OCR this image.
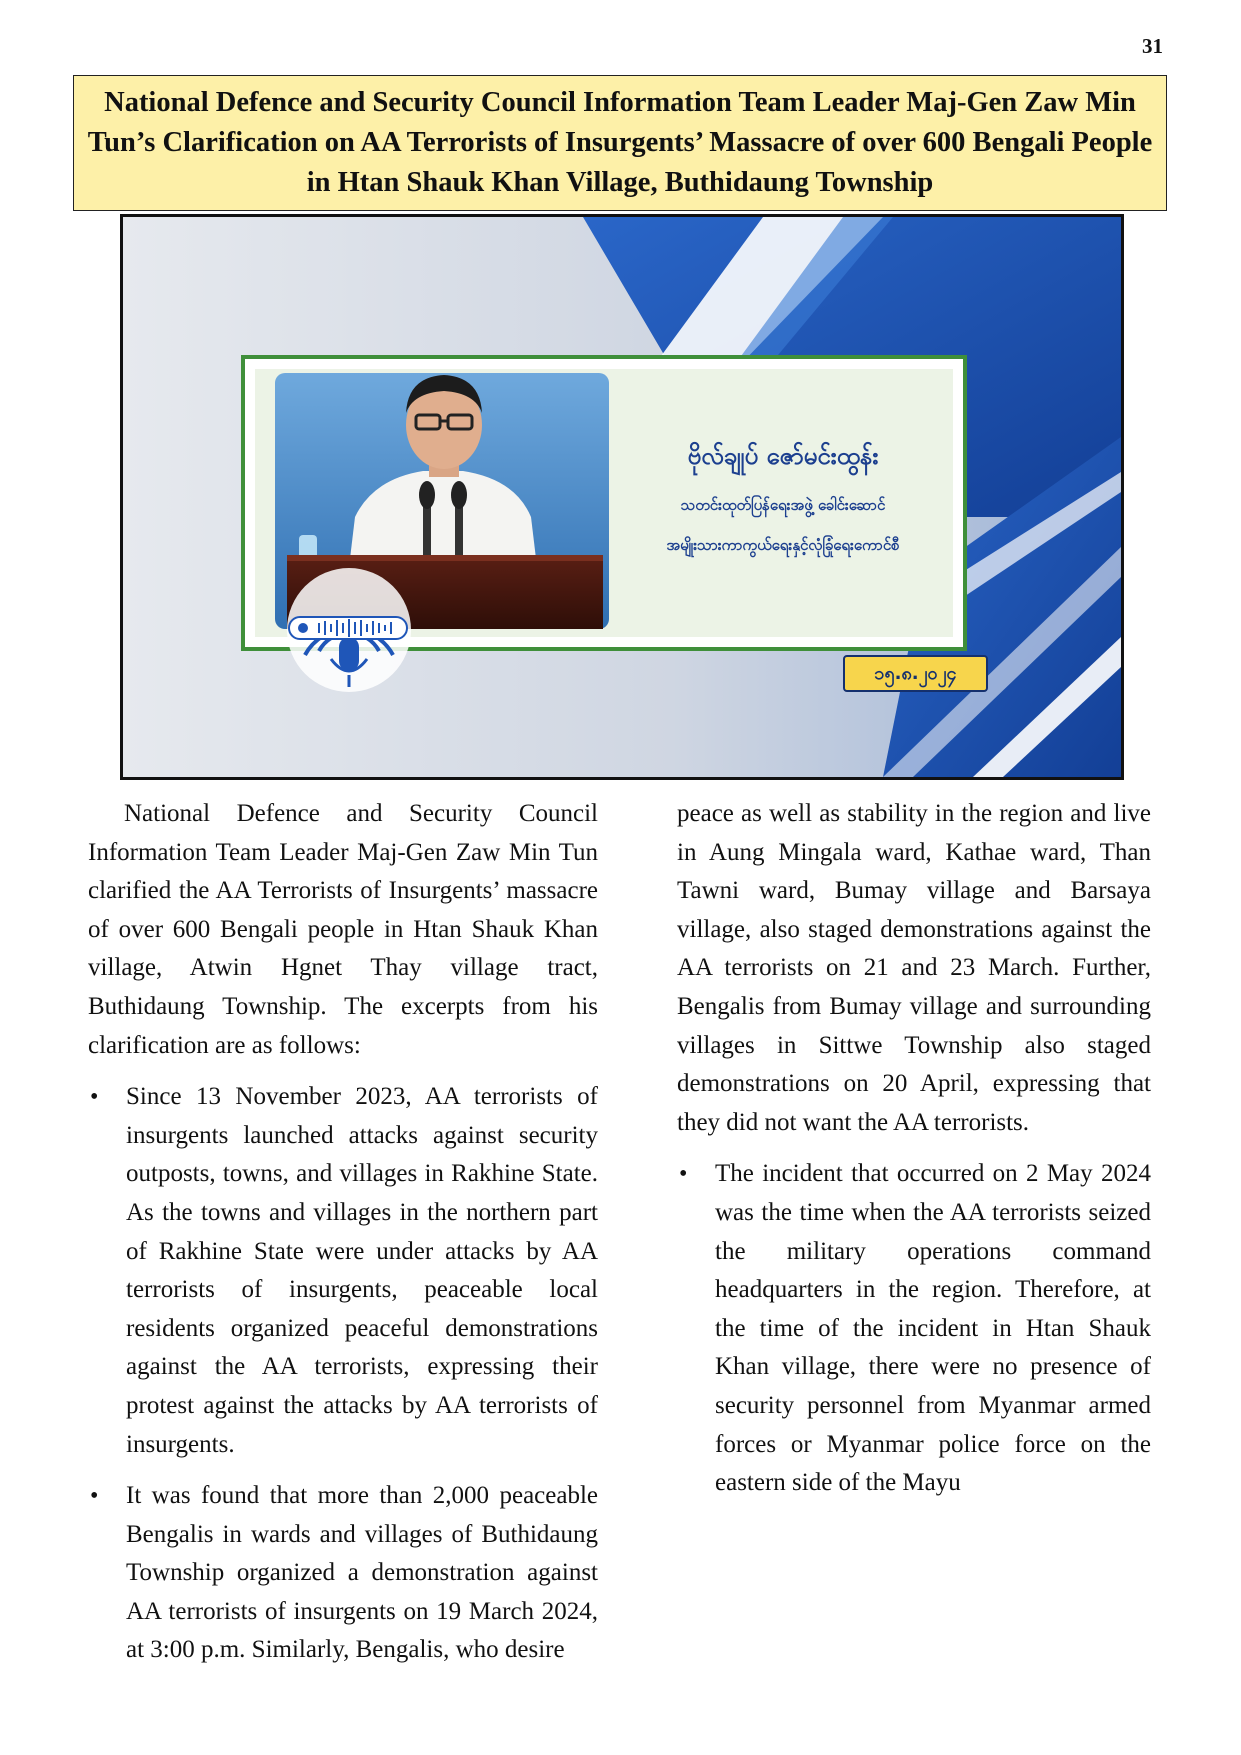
31
National Defence and Security Council Information Team Leader Maj-Gen Zaw Min Tun’s Clarification on AA Terrorists of Insurgents’ Massacre of over 600 Bengali People in Htan Shauk Khan Village, Buthidaung Township
ဗိုလ်ချုပ် ဇော်မင်းထွန်း
သတင်းထုတ်ပြန်ရေးအဖွဲ့ ခေါင်းဆောင်
အမျိုးသားကာကွယ်ရေးနှင့်လုံခြုံရေးကောင်စီ
၁၅.၈.၂၀၂၄

National Defence and Security Council Information Team Leader Maj-Gen Zaw Min Tun clarified the AA Terrorists of Insurgents’ massacre of over 600 Bengali people in Htan Shauk Khan village, Atwin Hgnet Thay village tract, Buthidaung Township. The excerpts from his clarification are as follows:

• Since 13 November 2023, AA terrorists of insurgents launched attacks against security outposts, towns, and villages in Rakhine State. As the towns and villages in the northern part of Rakhine State were under attacks by AA terrorists of insurgents, peaceable local residents organized peaceful demonstrations against the AA terrorists, expressing their protest against the attacks by AA terrorists of insurgents.
• It was found that more than 2,000 peaceable Bengalis in wards and villages of Buthidaung Township organized a demonstration against AA terrorists of insurgents on 19 March 2024, at 3:00 p.m. Similarly, Bengalis, who desire

peace as well as stability in the region and live in Aung Mingala ward, Kathae ward, Than Tawni ward, Bumay village and Barsaya village, also staged demonstrations against the AA terrorists on 21 and 23 March. Further, Bengalis from Bumay village and surrounding villages in Sittwe Township also staged demonstrations on 20 April, expressing that they did not want the AA terrorists.

• The incident that occurred on 2 May 2024 was the time when the AA terrorists seized the military operations command headquarters in the region. Therefore, at the time of the incident in Htan Shauk Khan village, there were no presence of security personnel from Myanmar armed forces or Myanmar police force on the eastern side of the Mayu
